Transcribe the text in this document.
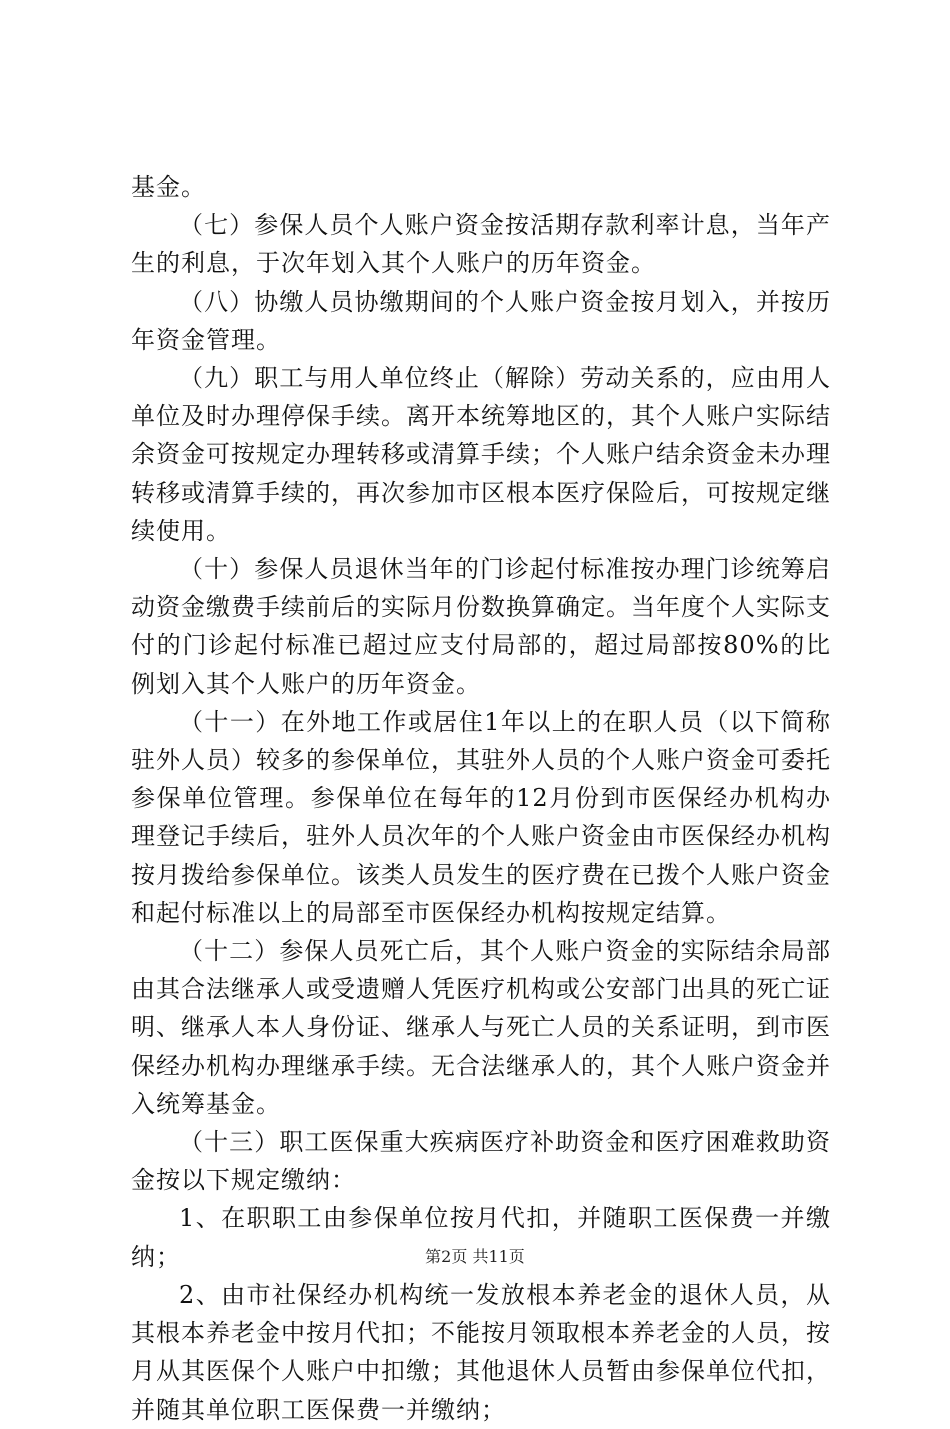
基金。

（七）参保人员个人账户资金按活期存款利率计息，当年产生的利息，于次年划入其个人账户的历年资金。

（八）协缴人员协缴期间的个人账户资金按月划入，并按历年资金管理。

（九）职工与用人单位终止（解除）劳动关系的，应由用人单位及时办理停保手续。离开本统筹地区的，其个人账户实际结余资金可按规定办理转移或清算手续；个人账户结余资金未办理转移或清算手续的，再次参加市区根本医疗保险后，可按规定继续使用。

（十）参保人员退休当年的门诊起付标准按办理门诊统筹启动资金缴费手续前后的实际月份数换算确定。当年度个人实际支付的门诊起付标准已超过应支付局部的，超过局部按80%的比例划入其个人账户的历年资金。

（十一）在外地工作或居住1年以上的在职人员（以下简称驻外人员）较多的参保单位，其驻外人员的个人账户资金可委托参保单位管理。参保单位在每年的12月份到市医保经办机构办理登记手续后，驻外人员次年的个人账户资金由市医保经办机构按月拨给参保单位。该类人员发生的医疗费在已拨个人账户资金和起付标准以上的局部至市医保经办机构按规定结算。

（十二）参保人员死亡后，其个人账户资金的实际结余局部由其合法继承人或受遗赠人凭医疗机构或公安部门出具的死亡证明、继承人本人身份证、继承人与死亡人员的关系证明，到市医保经办机构办理继承手续。无合法继承人的，其个人账户资金并入统筹基金。

（十三）职工医保重大疾病医疗补助资金和医疗困难救助资金按以下规定缴纳：

1、在职职工由参保单位按月代扣，并随职工医保费一并缴纳；

2、由市社保经办机构统一发放根本养老金的退休人员，从其根本养老金中按月代扣；不能按月领取根本养老金的人员，按月从其医保个人账户中扣缴；其他退休人员暂由参保单位代扣，并随其单位职工医保费一并缴纳；

第2页 共11页
